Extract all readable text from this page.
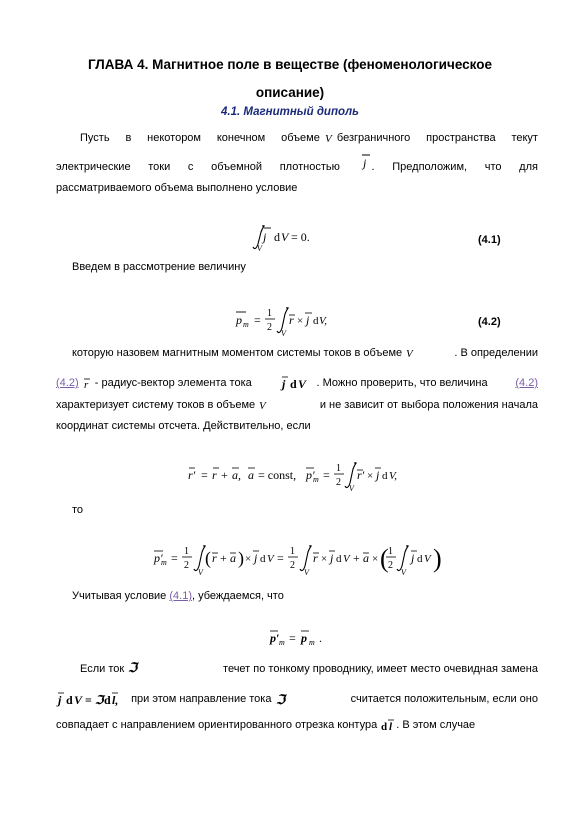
ГЛАВА 4. Магнитное поле в веществе (феноменологическое
описание)
4.1. Магнитный диполь
Пусть в некотором конечном объеме V безграничного пространства текут
электрические токи с объемной плотностью j . Предположим, что для
рассматриваемого объема выполнено условие
j d V = 0.
V
(4.1)
Введем в рассмотрение величину
p m = 1
2
V
r × j d V,	(4.2)
которую назовем магнитным моментом системы токов в объеме V	. В определении
(4.2) r - радиус-вектор элемента тока	j d V . Можно проверить, что величина	(4.2)
характеризует систему токов в объеме V	и не зависит от выбора положения начала
координат системы отсчета. Действительно, если
r′ = r + a, a = const, p′
m = 1
2
V
r′ × j d V,
то
p′
m = 1
2
V
( r + a ) × j d V = 1
2
V
r × j d V + a × ( 1
2
V
j d V )
Учитывая условие (4.1), убеждаемся, что
p′ m = p m .
Если ток ℑ	течет по тонкому проводнику, имеет место очевидная замена
j d V = ℑ d l, при этом направление тока ℑ	считается положительным, если оно
совпадает с направлением ориентированного отрезка контура d l . В этом случае
